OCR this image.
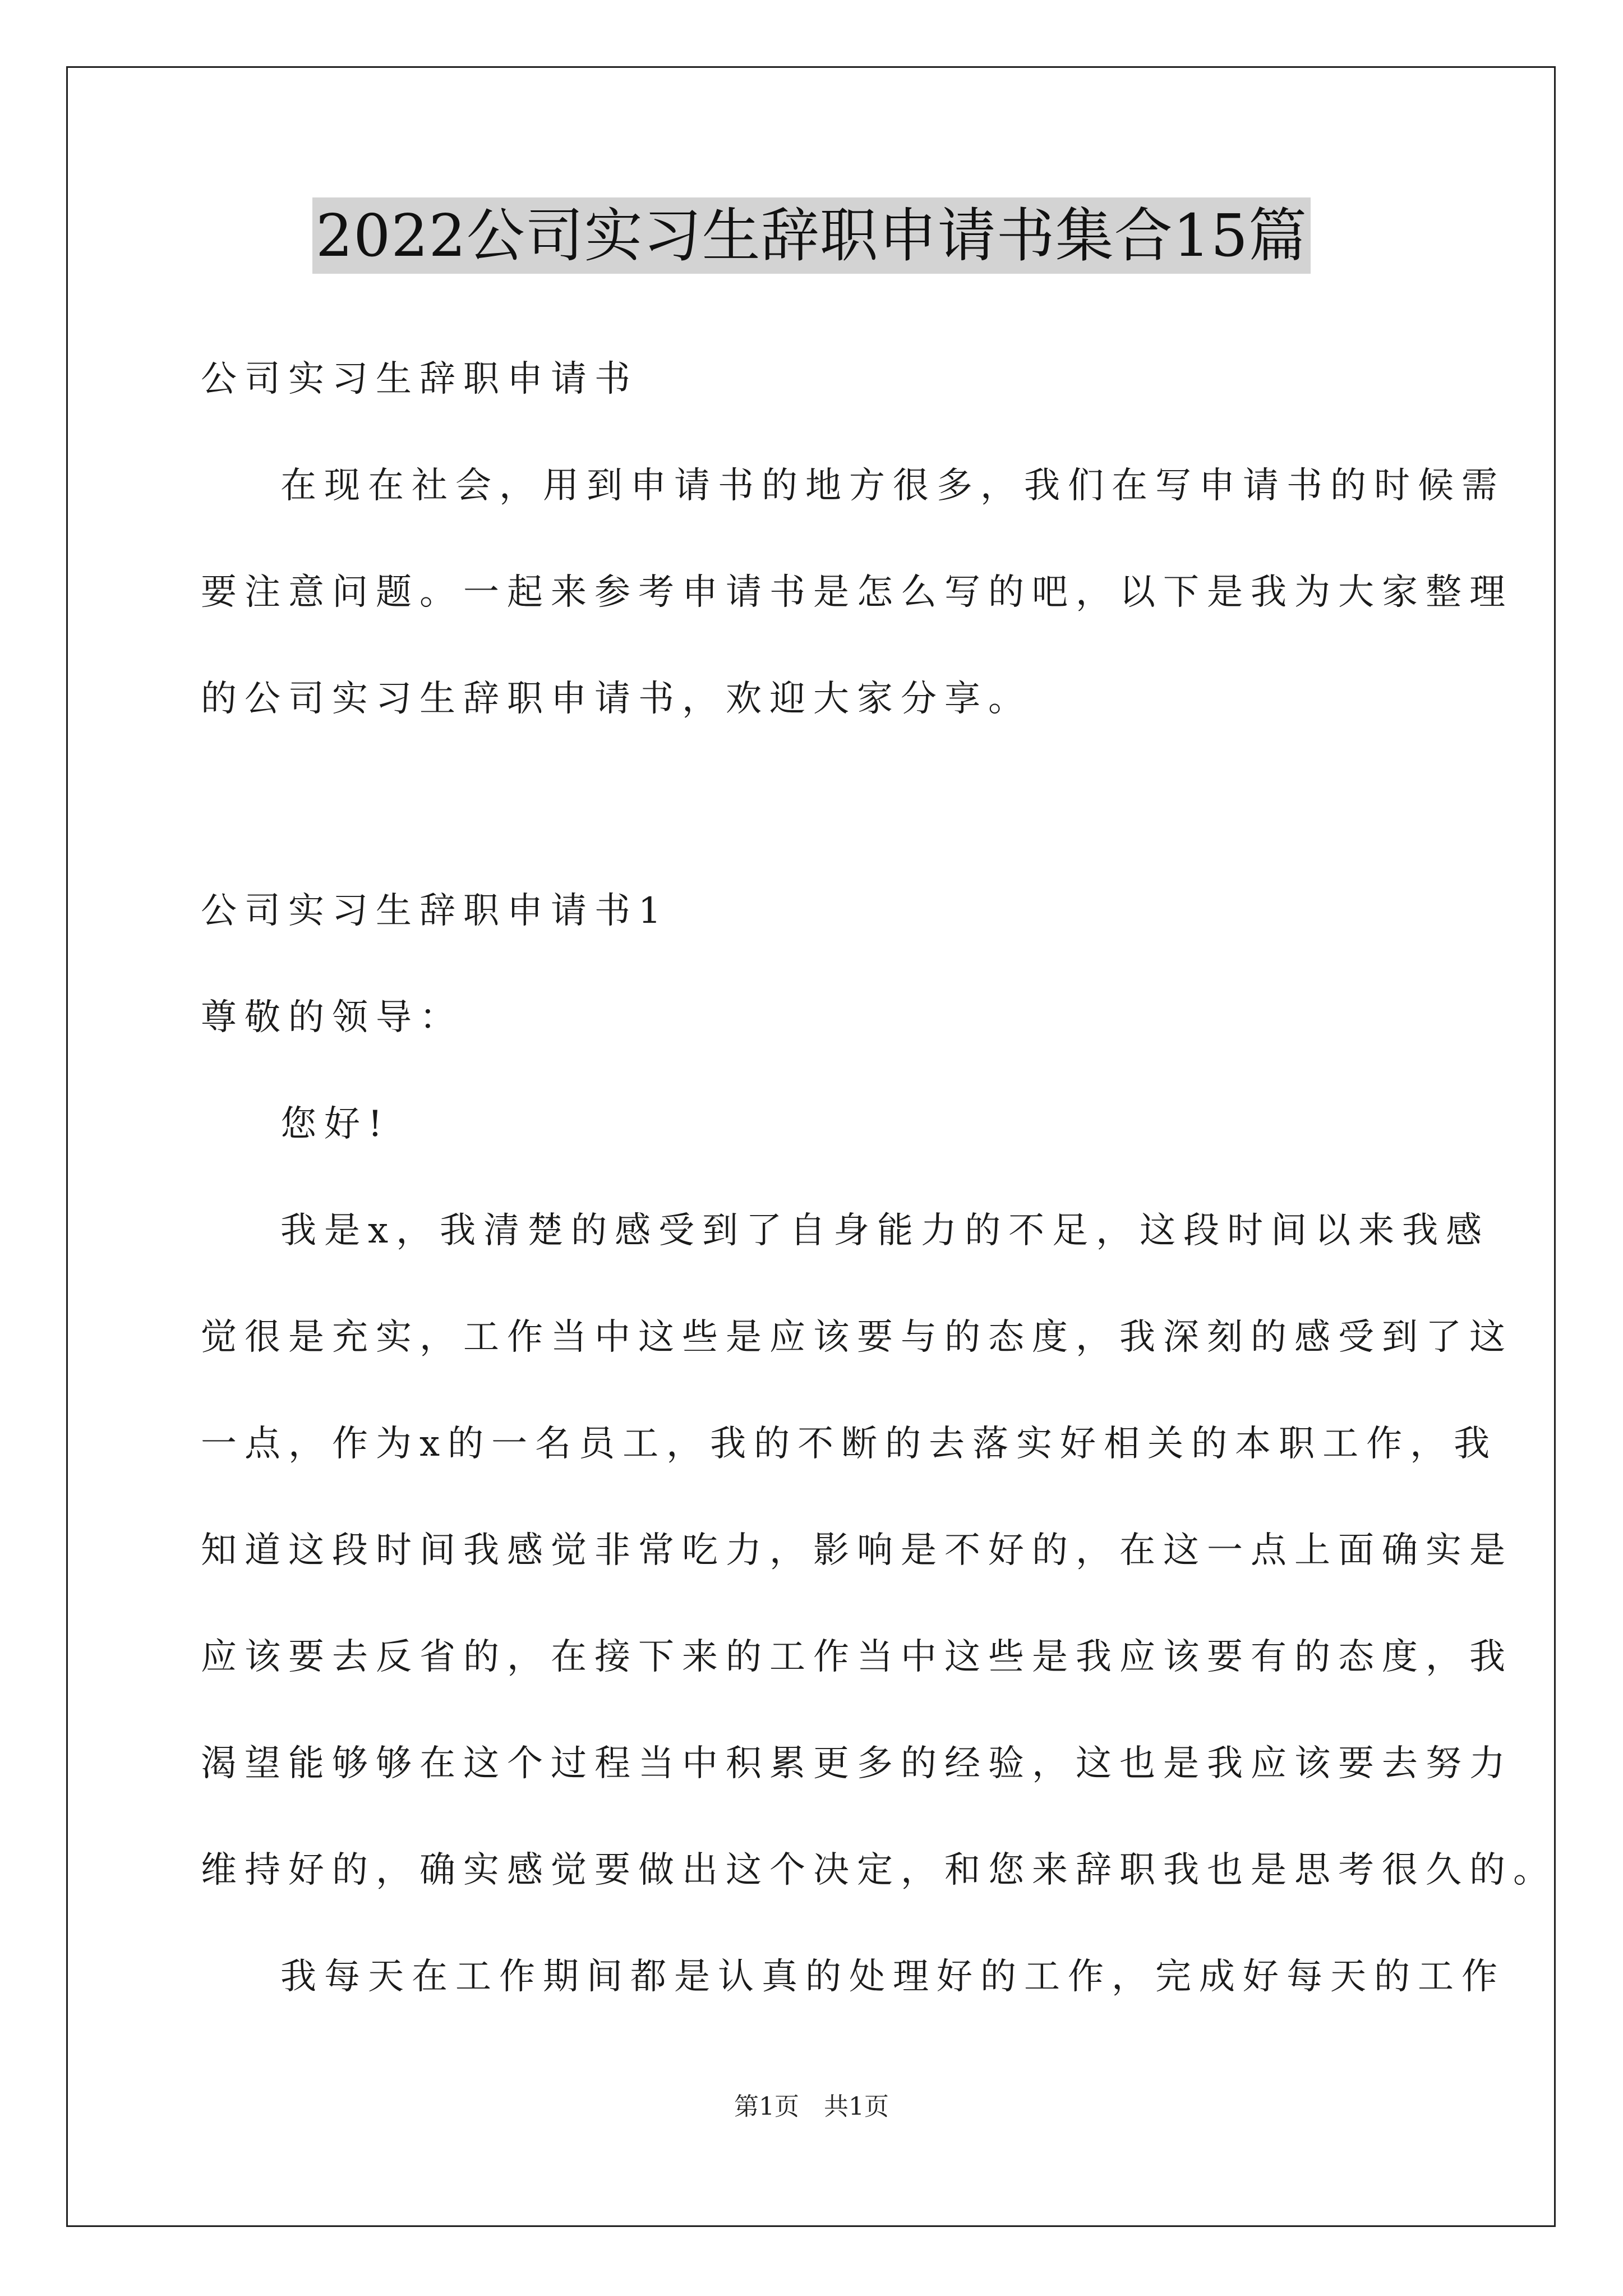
2022公司实习生辞职申请书集合15篇
公司实习生辞职申请书
在现在社会，用到申请书的地方很多，我们在写申请书的时候需
要注意问题。一起来参考申请书是怎么写的吧，以下是我为大家整理
的公司实习生辞职申请书，欢迎大家分享。
公司实习生辞职申请书1
尊敬的领导：
您好!
我是x，我清楚的感受到了自身能力的不足，这段时间以来我感
觉很是充实，工作当中这些是应该要与的态度，我深刻的感受到了这
一点，作为x的一名员工，我的不断的去落实好相关的本职工作，我
知道这段时间我感觉非常吃力，影响是不好的，在这一点上面确实是
应该要去反省的，在接下来的工作当中这些是我应该要有的态度，我
渴望能够够在这个过程当中积累更多的经验，这也是我应该要去努力
维持好的，确实感觉要做出这个决定，和您来辞职我也是思考很久的。
我每天在工作期间都是认真的处理好的工作，完成好每天的工作
第1页　共1页
